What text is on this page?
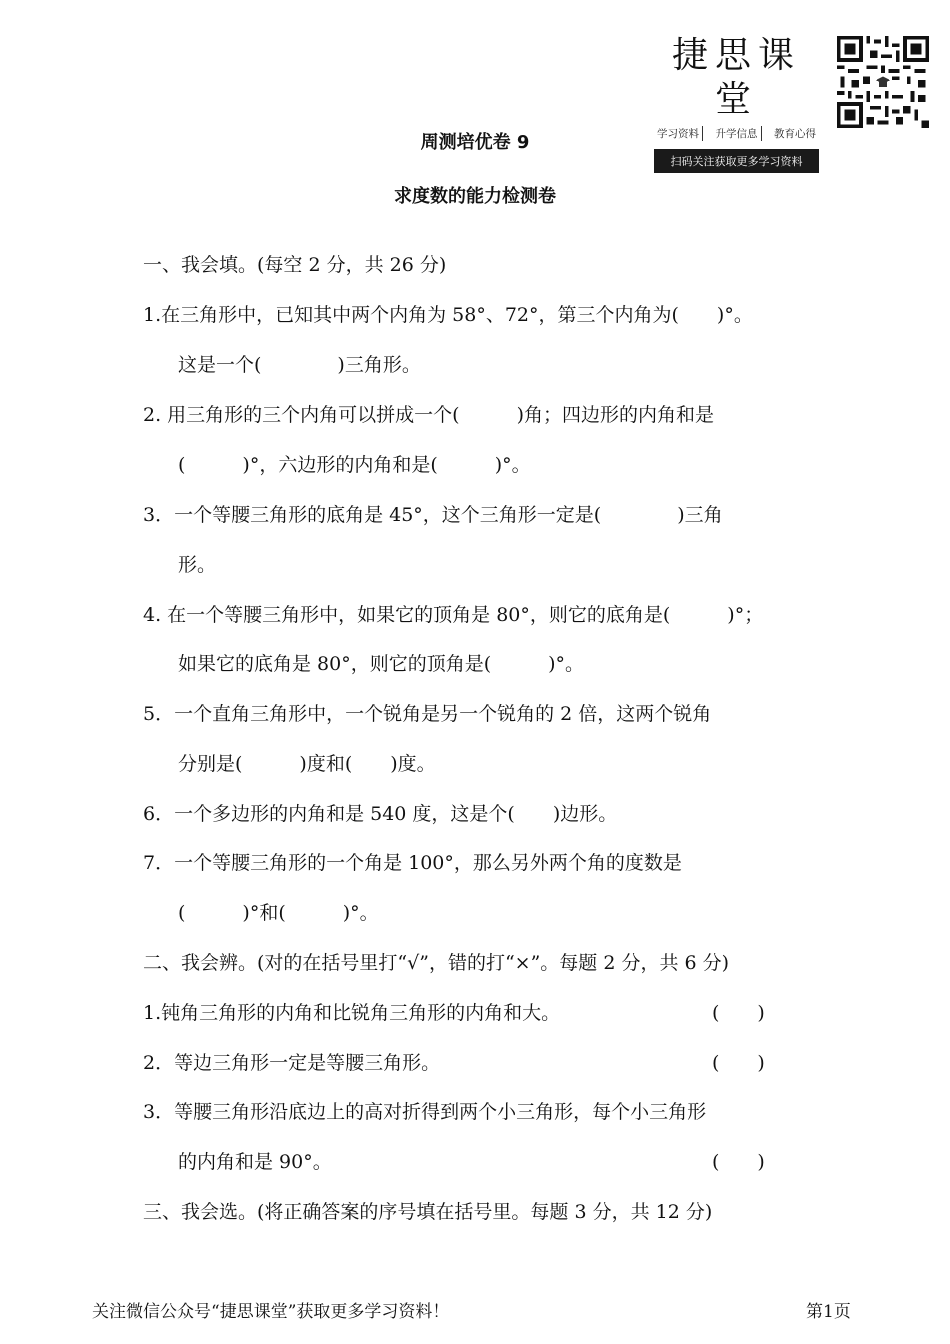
捷思课堂
学习资料	升学信息	教育心得
扫码关注获取更多学习资料
周测培优卷 9
求度数的能力检测卷
一、我会填。(每空 2 分，共 26 分)
1.在三角形中，已知其中两个内角为 58°、72°，第三个内角为(　　)°。
这是一个(　　　　)三角形。
2. 用三角形的三个内角可以拼成一个(　　　)角；四边形的内角和是
(　　　)°，六边形的内角和是(　　　)°。
3．一个等腰三角形的底角是 45°，这个三角形一定是(　　　　)三角
形。
4. 在一个等腰三角形中，如果它的顶角是 80°，则它的底角是(　　　)°；
如果它的底角是 80°，则它的顶角是(　　　)°。
5．一个直角三角形中，一个锐角是另一个锐角的 2 倍，这两个锐角
分别是(　　　)度和(　　)度。
6．一个多边形的内角和是 540 度，这是个(　　)边形。
7．一个等腰三角形的一个角是 100°，那么另外两个角的度数是
(　　　)°和(　　　)°。
二、我会辨。(对的在括号里打“√”，错的打“×”。每题 2 分，共 6 分)
1.钝角三角形的内角和比锐角三角形的内角和大。	(　　)
2．等边三角形一定是等腰三角形。	(　　)
3．等腰三角形沿底边上的高对折得到两个小三角形，每个小三角形
的内角和是 90°。	(　　)
三、我会选。(将正确答案的序号填在括号里。每题 3 分，共 12 分)
关注微信公众号“捷思课堂”获取更多学习资料！	第1页
